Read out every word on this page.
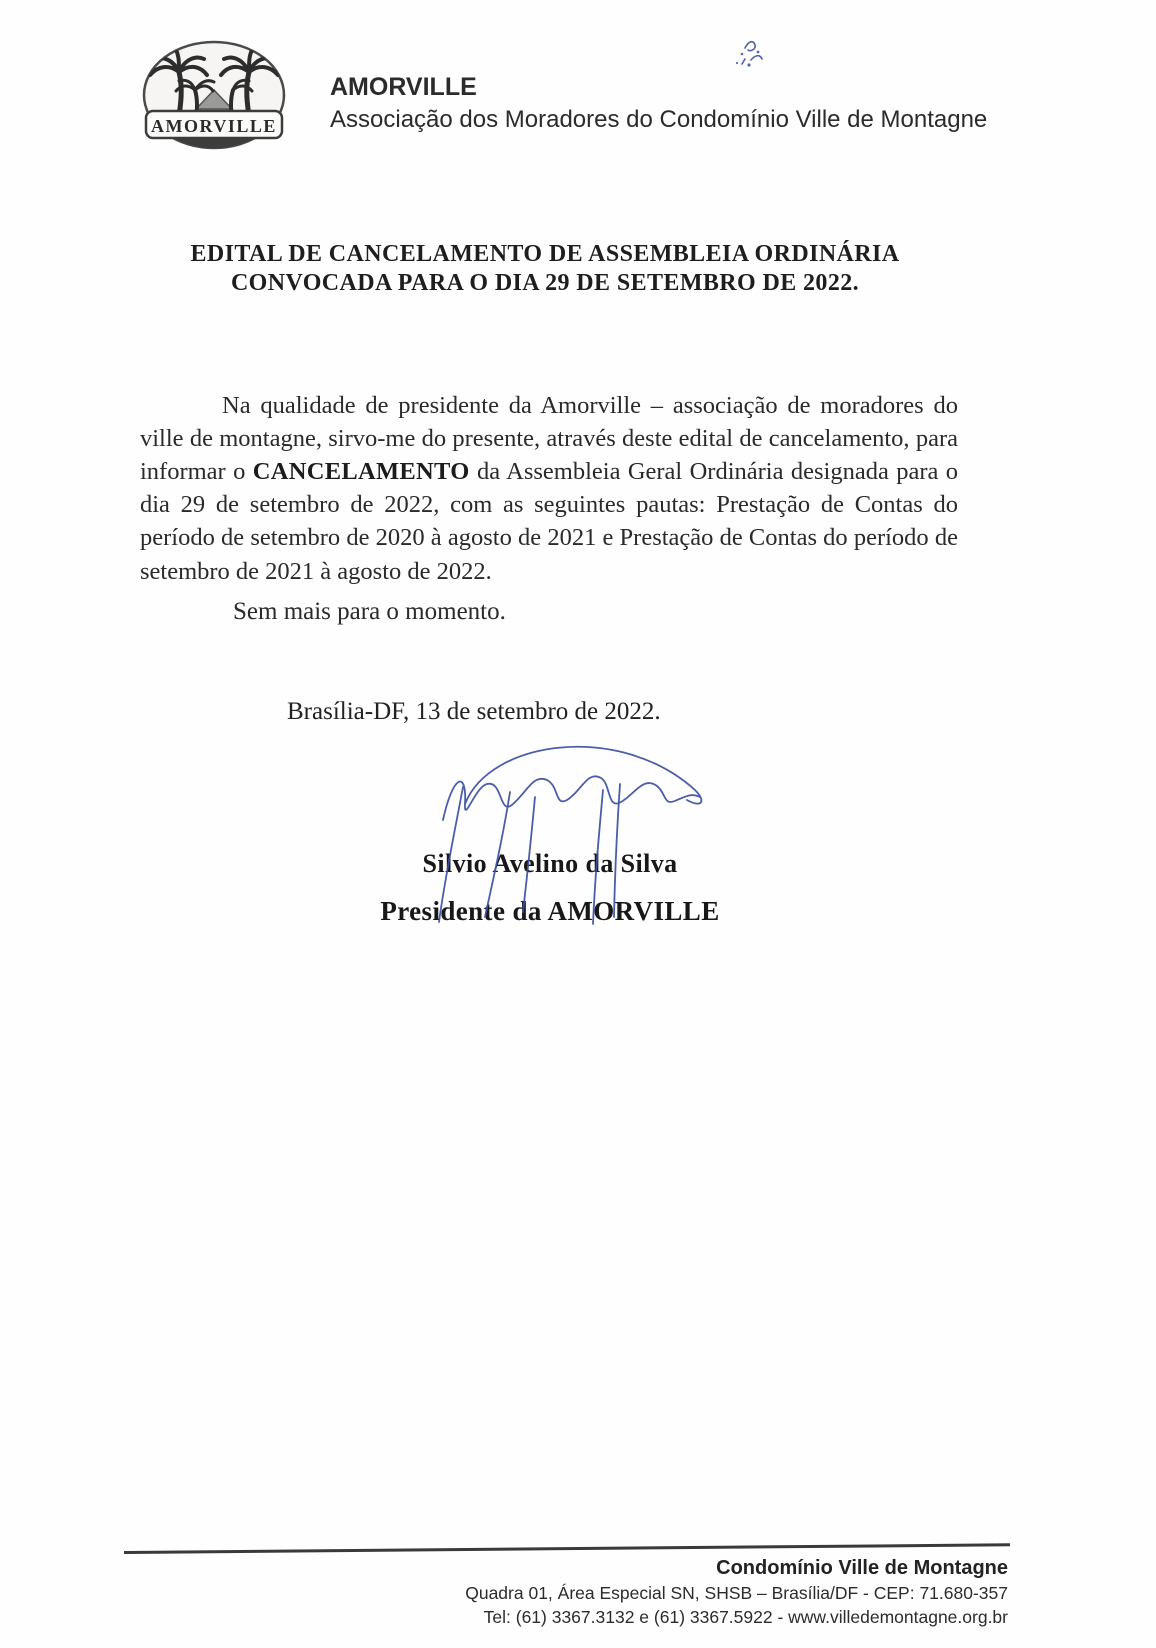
AMORVILLE
AMORVILLE
Associação dos Moradores do Condomínio Ville de Montagne
EDITAL DE CANCELAMENTO DE ASSEMBLEIA ORDINÁRIA
CONVOCADA PARA O DIA 29 DE SETEMBRO DE 2022.

Na qualidade de presidente da Amorville – associação de moradores do ville de montagne, sirvo-me do presente, através deste edital de cancelamento, para informar o CANCELAMENTO da Assembleia Geral Ordinária designada para o dia 29 de setembro de 2022, com as seguintes pautas: Prestação de Contas do período de setembro de 2020 à agosto de 2021 e Prestação de Contas do período de setembro de 2021 à agosto de 2022.

Sem mais para o momento.
Brasília-DF, 13 de setembro de 2022.
Silvio Avelino da Silva
Presidente da AMORVILLE
Condomínio Ville de Montagne
Quadra 01, Área Especial SN, SHSB – Brasília/DF - CEP: 71.680-357
Tel: (61) 3367.3132 e (61) 3367.5922 - www.villedemontagne.org.br
